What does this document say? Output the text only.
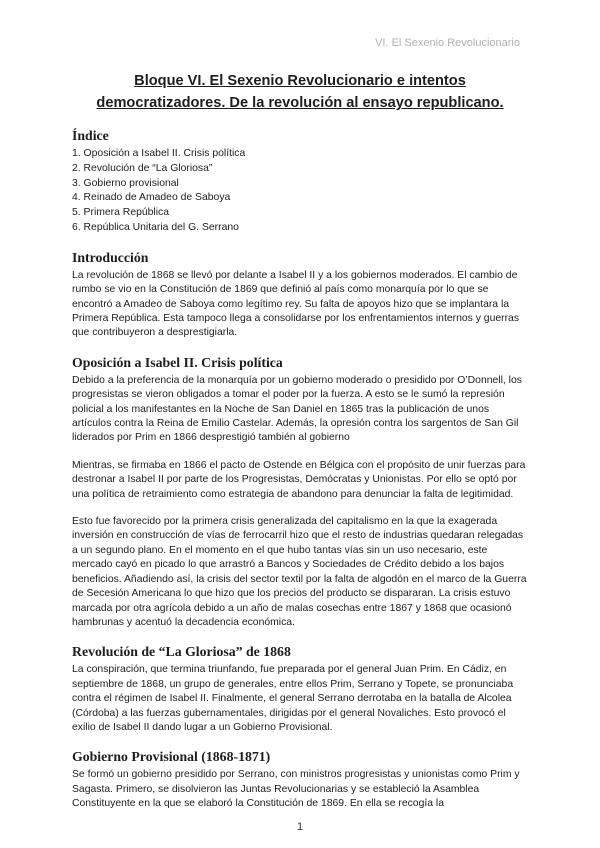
VI. El Sexenio Revolucionario
Bloque VI. El Sexenio Revolucionario e intentos
democratizadores. De la revolución al ensayo republicano.
Índice
1. Oposición a Isabel II. Crisis política
2. Revolución de “La Gloriosa”
3. Gobierno provisional
4. Reinado de Amadeo de Saboya
5. Primera República
6. República Unitaria del G. Serrano
Introducción

La revolución de 1868 se llevó por delante a Isabel II y a los gobiernos moderados. El cambio de rumbo se vio en la Constitución de 1869 que definió al país como monarquía por lo que se encontró a Amadeo de Saboya como legítimo rey. Su falta de apoyos hizo que se implantara la Primera República. Esta tampoco llega a consolidarse por los enfrentamientos internos y guerras que contribuyeron a desprestigiarla.

Oposición a Isabel II. Crisis política

Debido a la preferencia de la monarquía por un gobierno moderado o presidido por O’Donnell, los progresistas se vieron obligados a tomar el poder por la fuerza. A esto se le sumó la represión policial a los manifestantes en la Noche de San Daniel en 1865 tras la publicación de unos artículos contra la Reina de Emilio Castelar. Además, la opresión contra los sargentos de San Gil liderados por Prim en 1866 desprestigió también al gobierno

Mientras, se firmaba en 1866 el pacto de Ostende en Bélgica con el propósito de unir fuerzas para destronar a Isabel II por parte de los Progresistas, Demócratas y Unionistas. Por ello se optó por una política de retraimiento como estrategia de abandono para denunciar la falta de legitimidad.

Esto fue favorecido por la primera crisis generalizada del capitalismo en la que la exagerada inversión en construcción de vías de ferrocarril hizo que el resto de industrias quedaran relegadas a un segundo plano. En el momento en el que hubo tantas vías sin un uso necesario, este mercado cayó en picado lo que arrastró a Bancos y Sociedades de Crédito debido a los bajos beneficios. Añadiendo así, la crisis del sector textil por la falta de algodón en el marco de la Guerra de Secesión Americana lo que hizo que los precios del producto se dispararan. La crisis estuvo marcada por otra agrícola debido a un año de malas cosechas entre 1867 y 1868 que ocasionó hambrunas y acentuó la decadencia económica.

Revolución de “La Gloriosa” de 1868

La conspiración, que termina triunfando, fue preparada por el general Juan Prim. En Cádiz, en septiembre de 1868, un grupo de generales, entre ellos Prim, Serrano y Topete, se pronunciaba contra el régimen de Isabel II. Finalmente, el general Serrano derrotaba en la batalla de Alcolea (Córdoba) a las fuerzas gubernamentales, dirigidas por el general Novaliches. Esto provocó el exilio de Isabel II dando lugar a un Gobierno Provisional.

Gobierno Provisional (1868-1871)

Se formó un gobierno presidido por Serrano, con ministros progresistas y unionistas como Prim y Sagasta. Primero, se disolvieron las Juntas Revolucionarias y se estableció la Asamblea Constituyente en la que se elaboró la Constitución de 1869. En ella se recogía la

1
